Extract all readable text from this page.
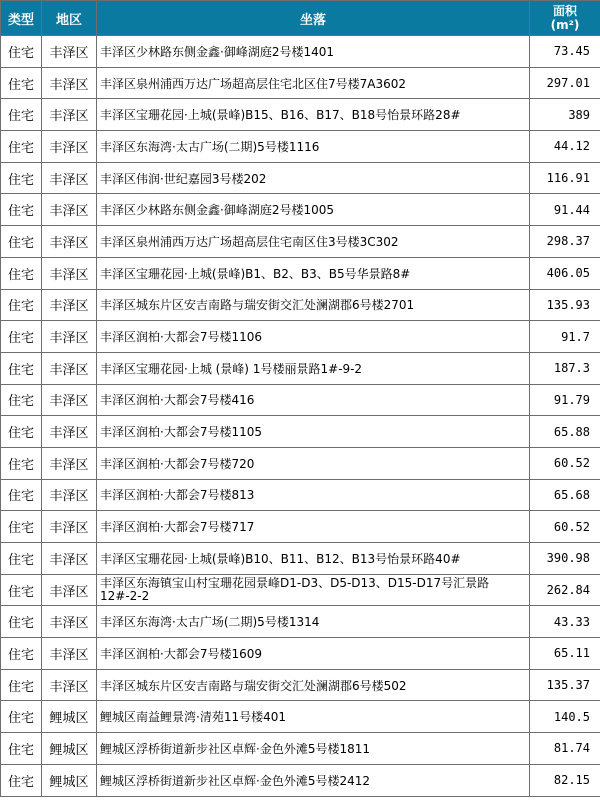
类型	地区	坐落	面积
(m²)
住宅	丰泽区	丰泽区少林路东侧金鑫·御峰湖庭2号楼1401	73.45
住宅	丰泽区	丰泽区泉州浦西万达广场超高层住宅北区住7号楼7A3602	297.01
住宅	丰泽区	丰泽区宝珊花园·上城(景峰)B15、B16、B17、B18号怡景环路28#	389
住宅	丰泽区	丰泽区东海湾·太古广场(二期)5号楼1116	44.12
住宅	丰泽区	丰泽区伟润·世纪嘉园3号楼202	116.91
住宅	丰泽区	丰泽区少林路东侧金鑫·御峰湖庭2号楼1005	91.44
住宅	丰泽区	丰泽区泉州浦西万达广场超高层住宅南区住3号楼3C302	298.37
住宅	丰泽区	丰泽区宝珊花园·上城(景峰)B1、B2、B3、B5号华景路8#	406.05
住宅	丰泽区	丰泽区城东片区安吉南路与瑞安街交汇处澜湖郡6号楼2701	135.93
住宅	丰泽区	丰泽区润柏·大都会7号楼1106	91.7
住宅	丰泽区	丰泽区宝珊花园·上城 (景峰) 1号楼丽景路1#-9-2	187.3
住宅	丰泽区	丰泽区润柏·大都会7号楼416	91.79
住宅	丰泽区	丰泽区润柏·大都会7号楼1105	65.88
住宅	丰泽区	丰泽区润柏·大都会7号楼720	60.52
住宅	丰泽区	丰泽区润柏·大都会7号楼813	65.68
住宅	丰泽区	丰泽区润柏·大都会7号楼717	60.52
住宅	丰泽区	丰泽区宝珊花园·上城(景峰)B10、B11、B12、B13号怡景环路40#	390.98
住宅	丰泽区	丰泽区东海镇宝山村宝珊花园景峰D1-D3、D5-D13、D15-D17号汇景路12#-2-2	262.84
住宅	丰泽区	丰泽区东海湾·太古广场(二期)5号楼1314	43.33
住宅	丰泽区	丰泽区润柏·大都会7号楼1609	65.11
住宅	丰泽区	丰泽区城东片区安吉南路与瑞安街交汇处澜湖郡6号楼502	135.37
住宅	鲤城区	鲤城区南益鲤景湾·清苑11号楼401	140.5
住宅	鲤城区	鲤城区浮桥街道新步社区卓辉·金色外滩5号楼1811	81.74
住宅	鲤城区	鲤城区浮桥街道新步社区卓辉·金色外滩5号楼2412	82.15
